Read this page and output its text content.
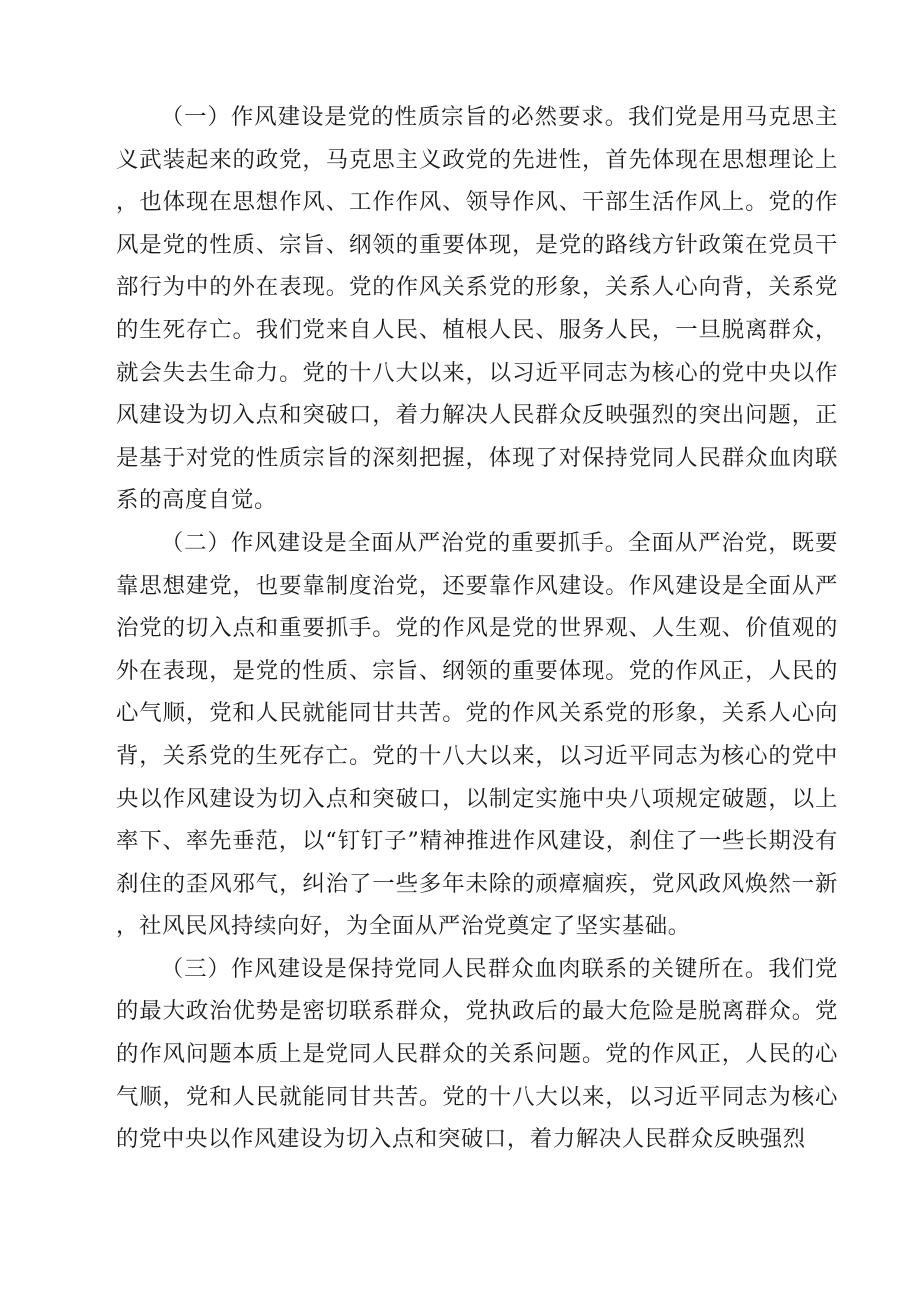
（一）作风建设是党的性质宗旨的必然要求。我们党是用马克思主义武装起来的政党，马克思主义政党的先进性，首先体现在思想理论上，也体现在思想作风、工作作风、领导作风、干部生活作风上。党的作风是党的性质、宗旨、纲领的重要体现，是党的路线方针政策在党员干部行为中的外在表现。党的作风关系党的形象，关系人心向背，关系党的生死存亡。我们党来自人民、植根人民、服务人民，一旦脱离群众，就会失去生命力。党的十八大以来，以习近平同志为核心的党中央以作风建设为切入点和突破口，着力解决人民群众反映强烈的突出问题，正是基于对党的性质宗旨的深刻把握，体现了对保持党同人民群众血肉联系的高度自觉。

（二）作风建设是全面从严治党的重要抓手。全面从严治党，既要靠思想建党，也要靠制度治党，还要靠作风建设。作风建设是全面从严治党的切入点和重要抓手。党的作风是党的世界观、人生观、价值观的外在表现，是党的性质、宗旨、纲领的重要体现。党的作风正，人民的心气顺，党和人民就能同甘共苦。党的作风关系党的形象，关系人心向背，关系党的生死存亡。党的十八大以来，以习近平同志为核心的党中央以作风建设为切入点和突破口，以制定实施中央八项规定破题，以上率下、率先垂范，以“钉钉子”精神推进作风建设，刹住了一些长期没有刹住的歪风邪气，纠治了一些多年未除的顽瘴痼疾，党风政风焕然一新，社风民风持续向好，为全面从严治党奠定了坚实基础。

（三）作风建设是保持党同人民群众血肉联系的关键所在。我们党的最大政治优势是密切联系群众，党执政后的最大危险是脱离群众。党的作风问题本质上是党同人民群众的关系问题。党的作风正，人民的心气顺，党和人民就能同甘共苦。党的十八大以来，以习近平同志为核心的党中央以作风建设为切入点和突破口，着力解决人民群众反映强烈
